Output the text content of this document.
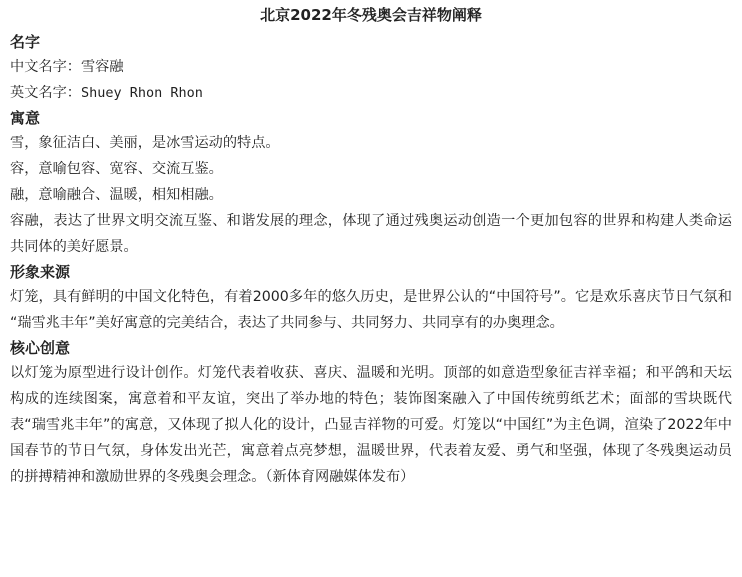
北京2022年冬残奥会吉祥物阐释
名字

中文名字：雪容融

英文名字：Shuey Rhon Rhon

寓意

雪，象征洁白、美丽，是冰雪运动的特点。

容，意喻包容、宽容、交流互鉴。

融，意喻融合、温暖，相知相融。

容融，表达了世界文明交流互鉴、和谐发展的理念，体现了通过残奥运动创造一个更加包容的世界和构建人类命运共同体的美好愿景。

形象来源

灯笼，具有鲜明的中国文化特色，有着2000多年的悠久历史，是世界公认的“中国符号”。它是欢乐喜庆节日气氛和 “瑞雪兆丰年”美好寓意的完美结合，表达了共同参与、共同努力、共同享有的办奥理念。

核心创意

以灯笼为原型进行设计创作。灯笼代表着收获、喜庆、温暖和光明。顶部的如意造型象征吉祥幸福；和平鸽和天坛构成的连续图案，寓意着和平友谊，突出了举办地的特色；装饰图案融入了中国传统剪纸艺术；面部的雪块既代表“瑞雪兆丰年”的寓意，又体现了拟人化的设计，凸显吉祥物的可爱。灯笼以“中国红”为主色调，渲染了2022年中国春节的节日气氛，身体发出光芒，寓意着点亮梦想，温暖世界，代表着友爱、勇气和坚强，体现了冬残奥运动员的拼搏精神和激励世界的冬残奥会理念。（新体育网融媒体发布）
